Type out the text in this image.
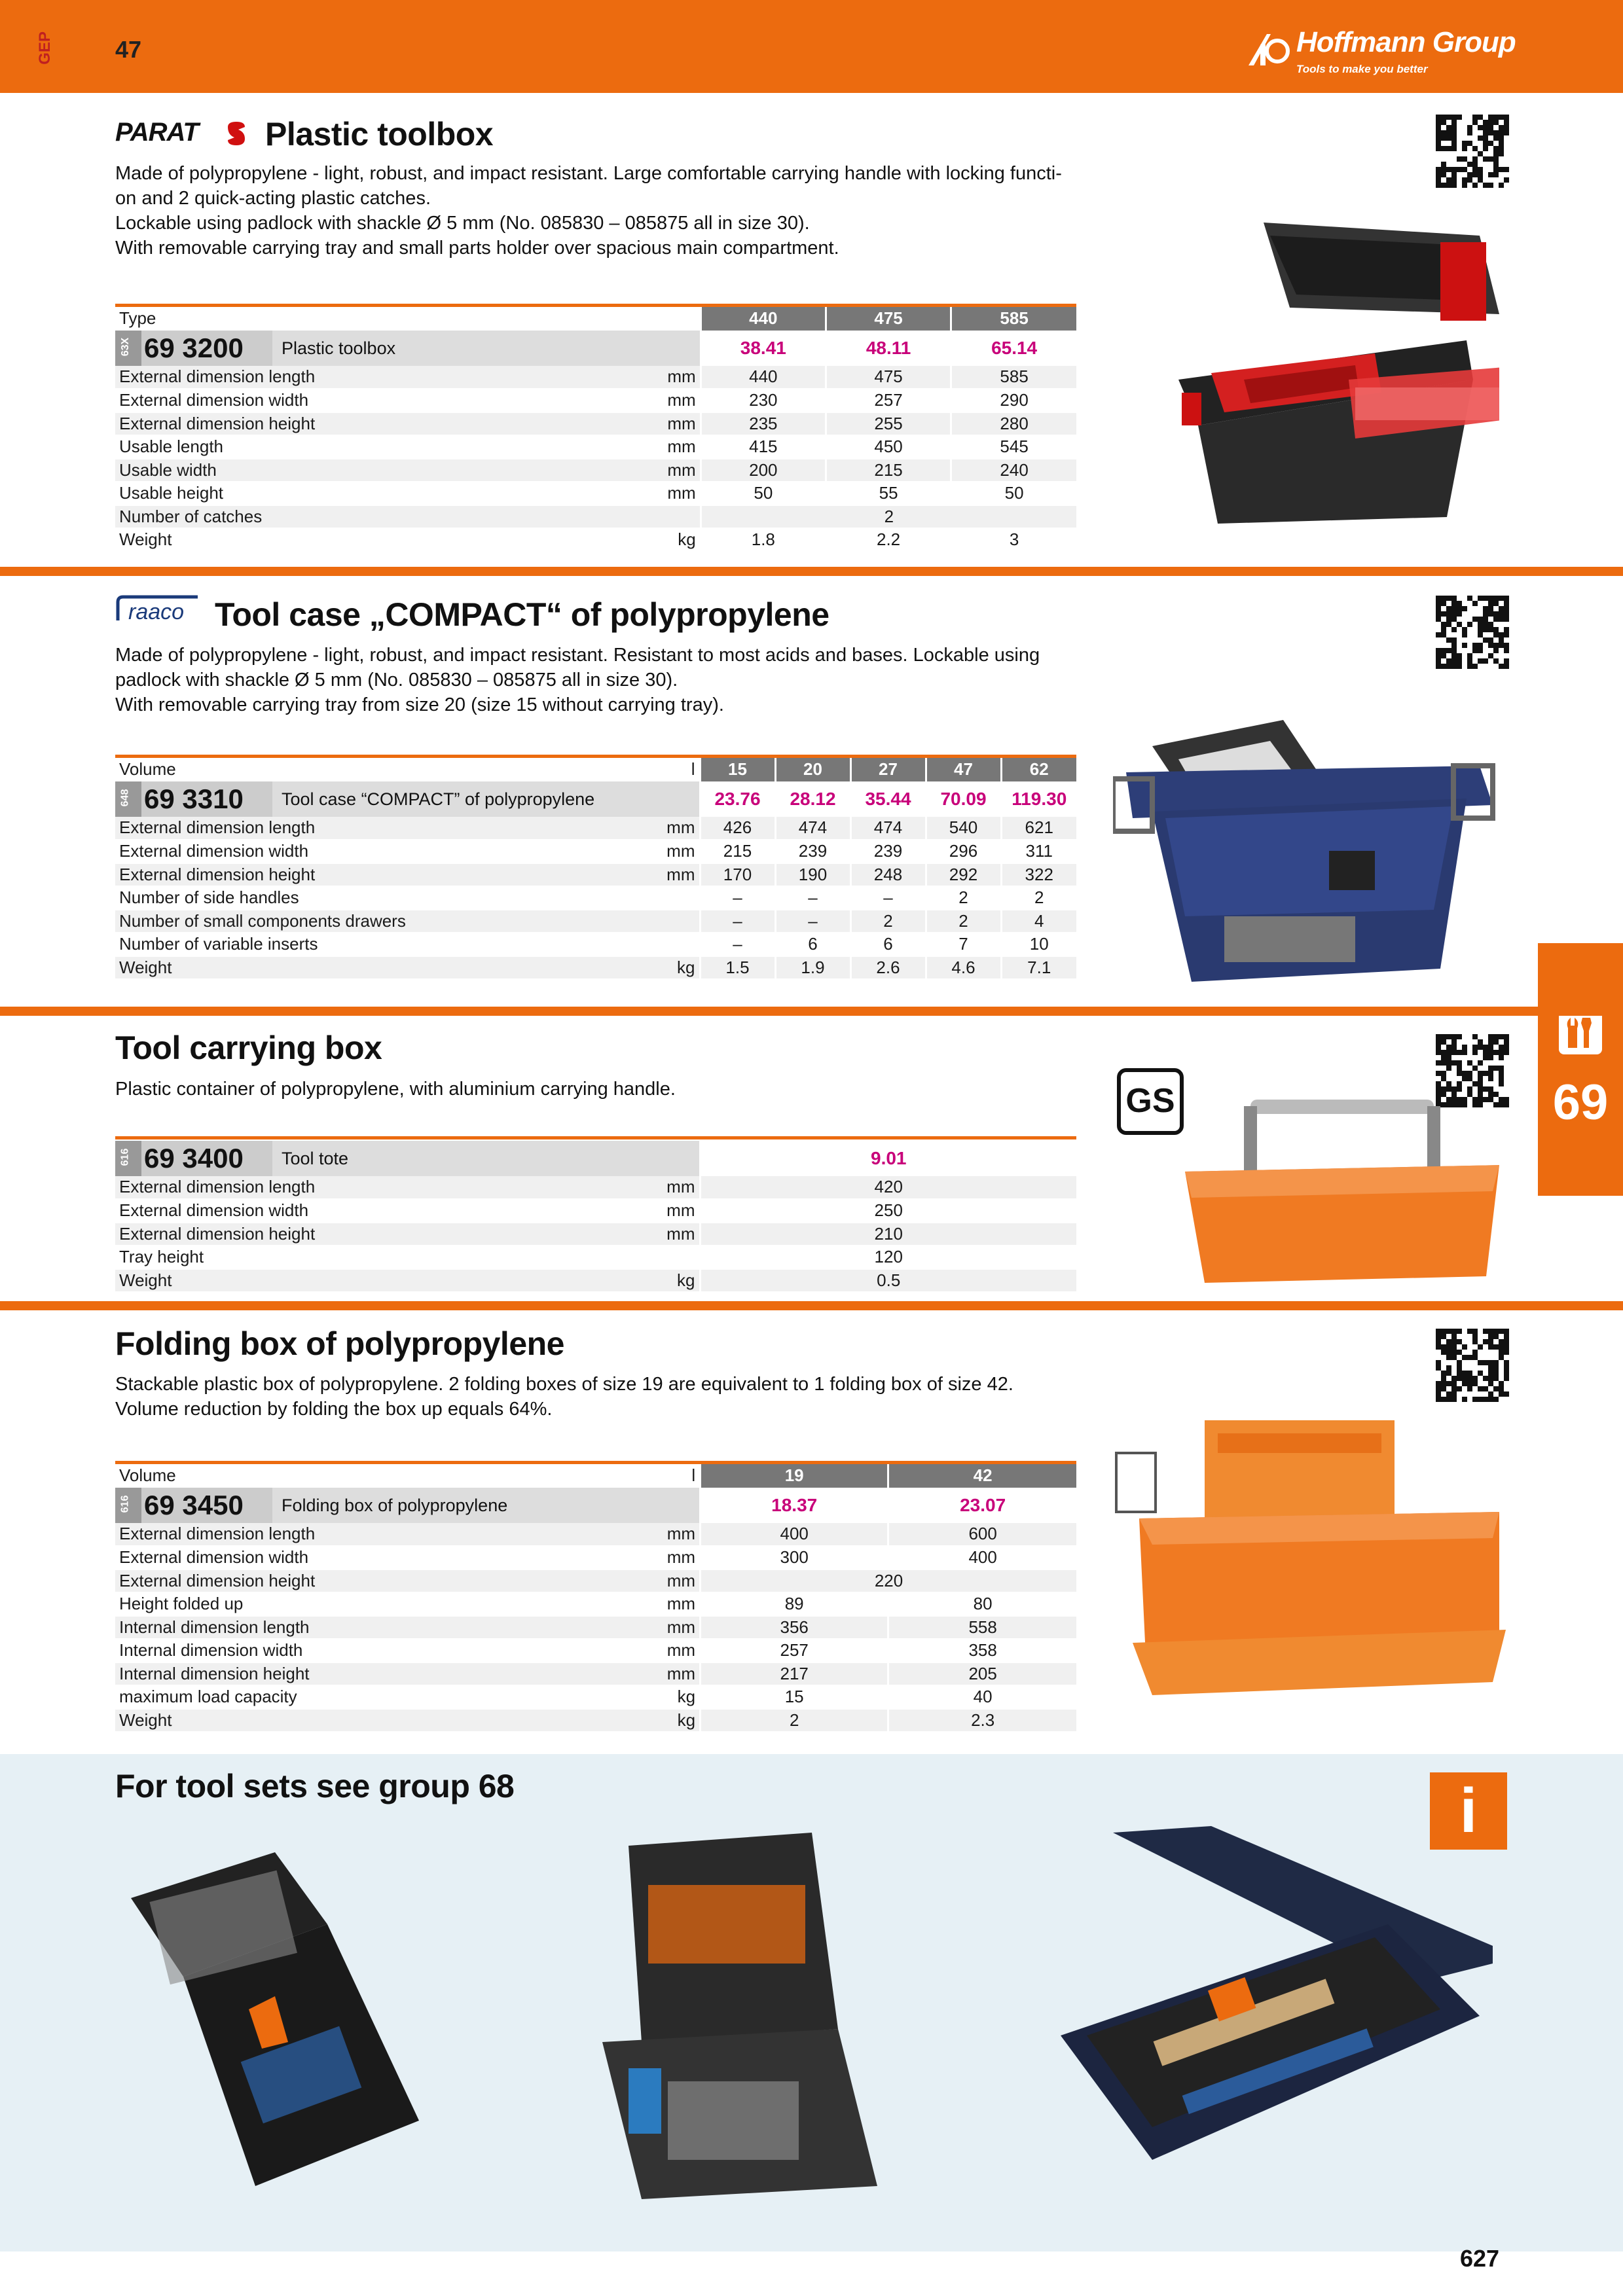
GEP	47	Hoffmann Group
Tools to make you better
69
PARAT	Plastic toolbox
Made of polypropylene - light, robust, and impact resistant. Large comfortable carrying handle with locking functi-
on and 2 quick-acting plastic catches.
Lockable using padlock with shackle Ø 5 mm (No. 085830 – 085875 all in size 30).
With removable carrying tray and small parts holder over spacious main compartment.
Type		440	475	585

63X 69 3200 Plastic toolbox		38.41	48.11	65.14
External dimension length	mm	440	475	585
External dimension width	mm	230	257	290
External dimension height	mm	235	255	280
Usable length	mm	415	450	545
Usable width	mm	200	215	240
Usable height	mm	50	55	50
Number of catches		2		
Weight	kg	1.8	2.2	3
raaco Tool case „COMPACT“ of polypropylene
Made of polypropylene - light, robust, and impact resistant. Resistant to most acids and bases. Lockable using
padlock with shackle Ø 5 mm (No. 085830 – 085875 all in size 30).
With removable carrying tray from size 20 (size 15 without carrying tray).
Volume	l	15	20	27	47	62

648 69 3310 Tool case “COMPACT” of polypropylene		23.76	28.12	35.44	70.09	119.30
External dimension length	mm	426	474	474	540	621
External dimension width	mm	215	239	239	296	311
External dimension height	mm	170	190	248	292	322
Number of side handles		–	–	–	2	2
Number of small components drawers		–	–	2	2	4
Number of variable inserts		–	6	6	7	10
Weight	kg	1.5	1.9	2.6	4.6	7.1
Tool carrying box
Plastic container of polypropylene, with aluminium carrying handle.	GS

616 69 3400 Tool tote		9.01
External dimension length	mm	420
External dimension width	mm	250
External dimension height	mm	210
Tray height		120
Weight	kg	0.5
Folding box of polypropylene
Stackable plastic box of polypropylene. 2 folding boxes of size 19 are equivalent to 1 folding box of size 42.
Volume reduction by folding the box up equals 64%.
Volume	l	19	42

616 69 3450 Folding box of polypropylene		18.37	23.07
External dimension length	mm	400	600
External dimension width	mm	300	400
External dimension height	mm	220	
Height folded up	mm	89	80
Internal dimension length	mm	356	558
Internal dimension width	mm	257	358
Internal dimension height	mm	217	205
maximum load capacity	kg	15	40
Weight	kg	2	2.3
For tool sets see group 68	i
627
